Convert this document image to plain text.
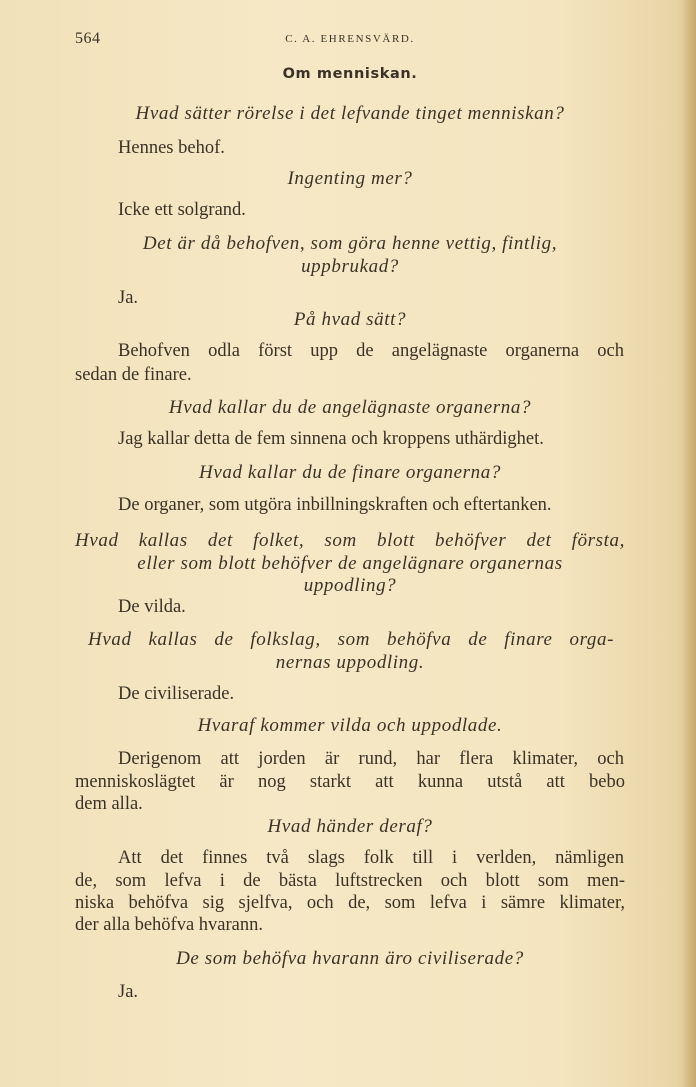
564	C. A. EHRENSVÄRD.
Om menniskan.
Hvad sätter rörelse i det lefvande tinget menniskan?
Hennes behof.
Ingenting mer?
Icke ett solgrand.
Det är då behofven, som göra henne vettig, fintlig,
uppbrukad?
Ja.
På hvad sätt?
Behofven odla först upp de angelägnaste organerna och
sedan de finare.
Hvad kallar du de angelägnaste organerna?
Jag kallar detta de fem sinnena och kroppens uthärdighet.
Hvad kallar du de finare organerna?
De organer, som utgöra inbillningskraften och eftertanken.
Hvad kallas det folket, som blott behöfver det första,
eller som blott behöfver de angelägnare organernas
uppodling?
De vilda.
Hvad kallas de folkslag, som behöfva de finare orga-
nernas uppodling.
De civiliserade.
Hvaraf kommer vilda och uppodlade.
Derigenom att jorden är rund, har flera klimater, och
menniskoslägtet är nog starkt att kunna utstå att bebo
dem alla.
Hvad händer deraf?
Att det finnes två slags folk till i verlden, nämligen
de, som lefva i de bästa luftstrecken och blott som men-
niska behöfva sig sjelfva, och de, som lefva i sämre klimater,
der alla behöfva hvarann.
De som behöfva hvarann äro civiliserade?
Ja.
